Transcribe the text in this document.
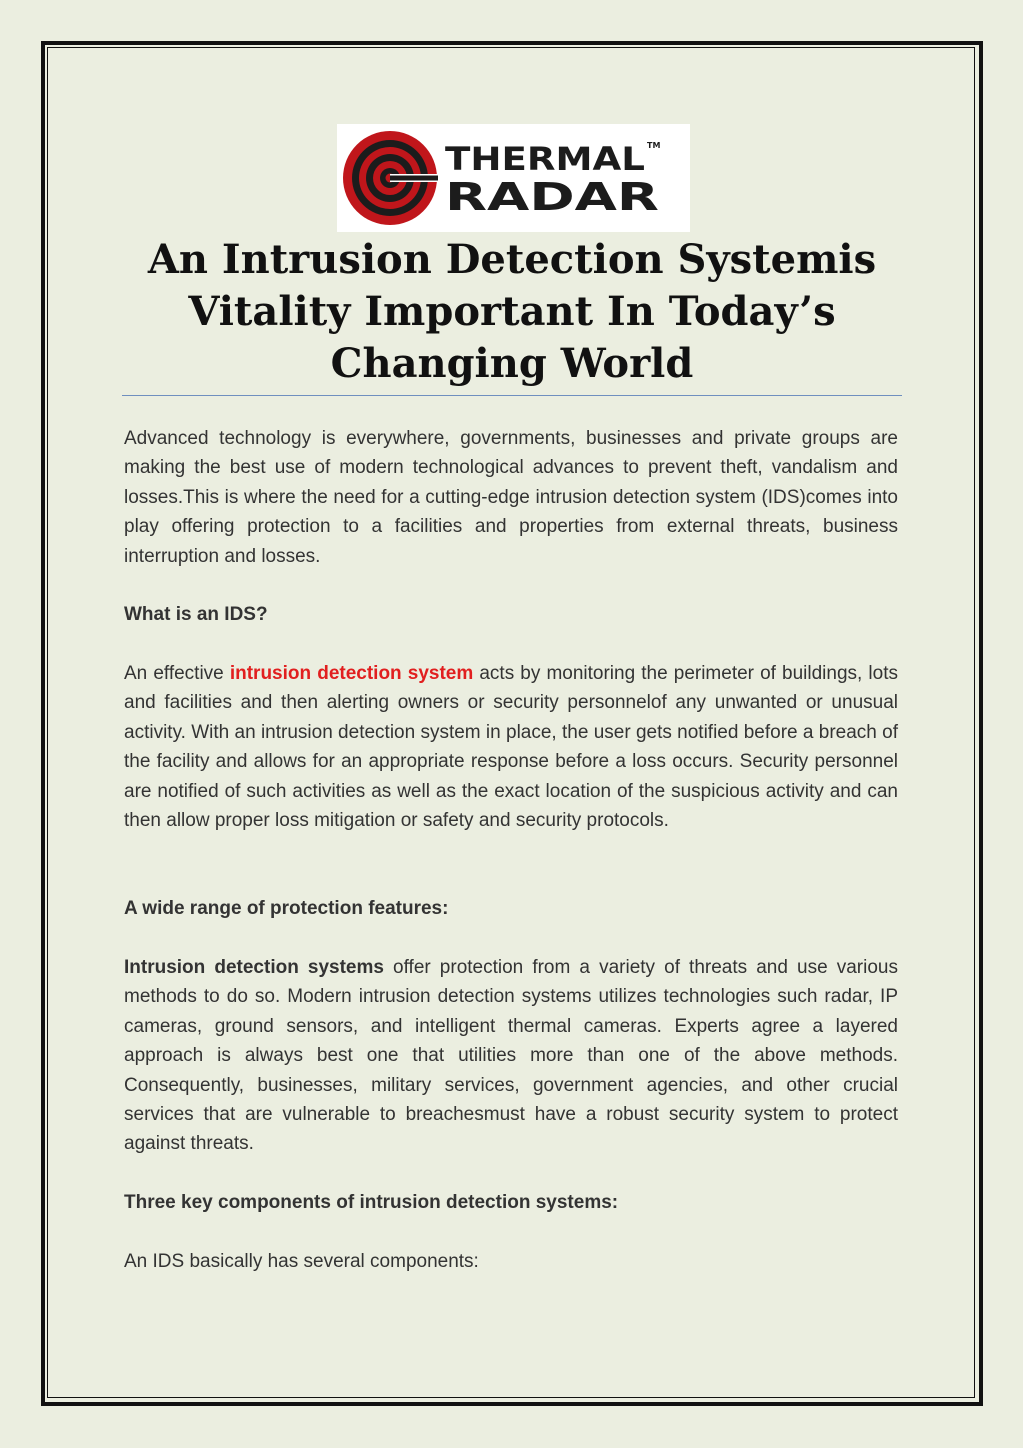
THERMAL TM
RADAR
An Intrusion Detection Systemis
Vitality Important In Today’s
Changing World

Advanced technology is everywhere, governments, businesses and private groups are making the best use of modern technological advances to prevent theft, vandalism and losses.This is where the need for a cutting-edge intrusion detection system (IDS)comes into play offering protection to a facilities and properties from external threats, business interruption and losses.

What is an IDS?

An effective intrusion detection system acts by monitoring the perimeter of buildings, lots and facilities and then alerting owners or security personnelof any unwanted or unusual activity. With an intrusion detection system in place, the user gets notified before a breach of the facility and allows for an appropriate response before a loss occurs. Security personnel are notified of such activities as well as the exact location of the suspicious activity and can then allow proper loss mitigation or safety and security protocols.

A wide range of protection features:

Intrusion detection systems offer protection from a variety of threats and use various methods to do so. Modern intrusion detection systems utilizes technologies such radar, IP cameras, ground sensors, and intelligent thermal cameras. Experts agree a layered approach is always best one that utilities more than one of the above methods. Consequently, businesses, military services, government agencies, and other crucial services that are vulnerable to breachesmust have a robust security system to protect against threats.

Three key components of intrusion detection systems:

An IDS basically has several components:
